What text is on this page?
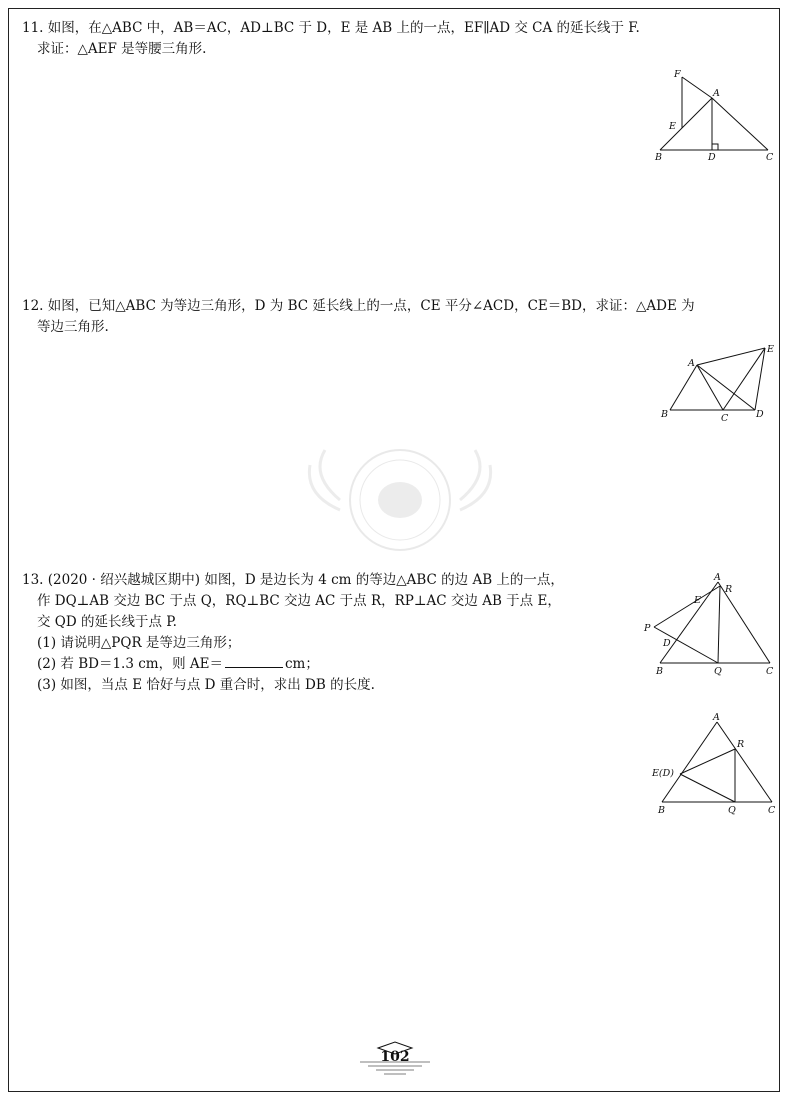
11. 如图，在△ABC 中，AB＝AC，AD⊥BC 于 D，E 是 AB 上的一点，EF∥AD 交 CA 的延长线于 F.
求证：△AEF 是等腰三角形.
F
A
E
B	D	C
12. 如图，已知△ABC 为等边三角形，D 为 BC 延长线上的一点，CE 平分∠ACD，CE＝BD，求证：△ADE 为
等边三角形.
A
E
B	C	D
13. (2020 · 绍兴越城区期中) 如图，D 是边长为 4 cm 的等边△ABC 的边 AB 上的一点，
作 DQ⊥AB 交边 BC 于点 Q，RQ⊥BC 交边 AC 于点 R，RP⊥AC 交边 AB 于点 E，
交 QD 的延长线于点 P.
(1) 请说明△PQR 是等边三角形；
(2) 若 BD＝1.3 cm，则 AE＝	cm；
(3) 如图，当点 E 恰好与点 D 重合时，求出 DB 的长度.
A
R
E
P
D
B	Q	C
A
R
E(D)
B	Q	C
102
